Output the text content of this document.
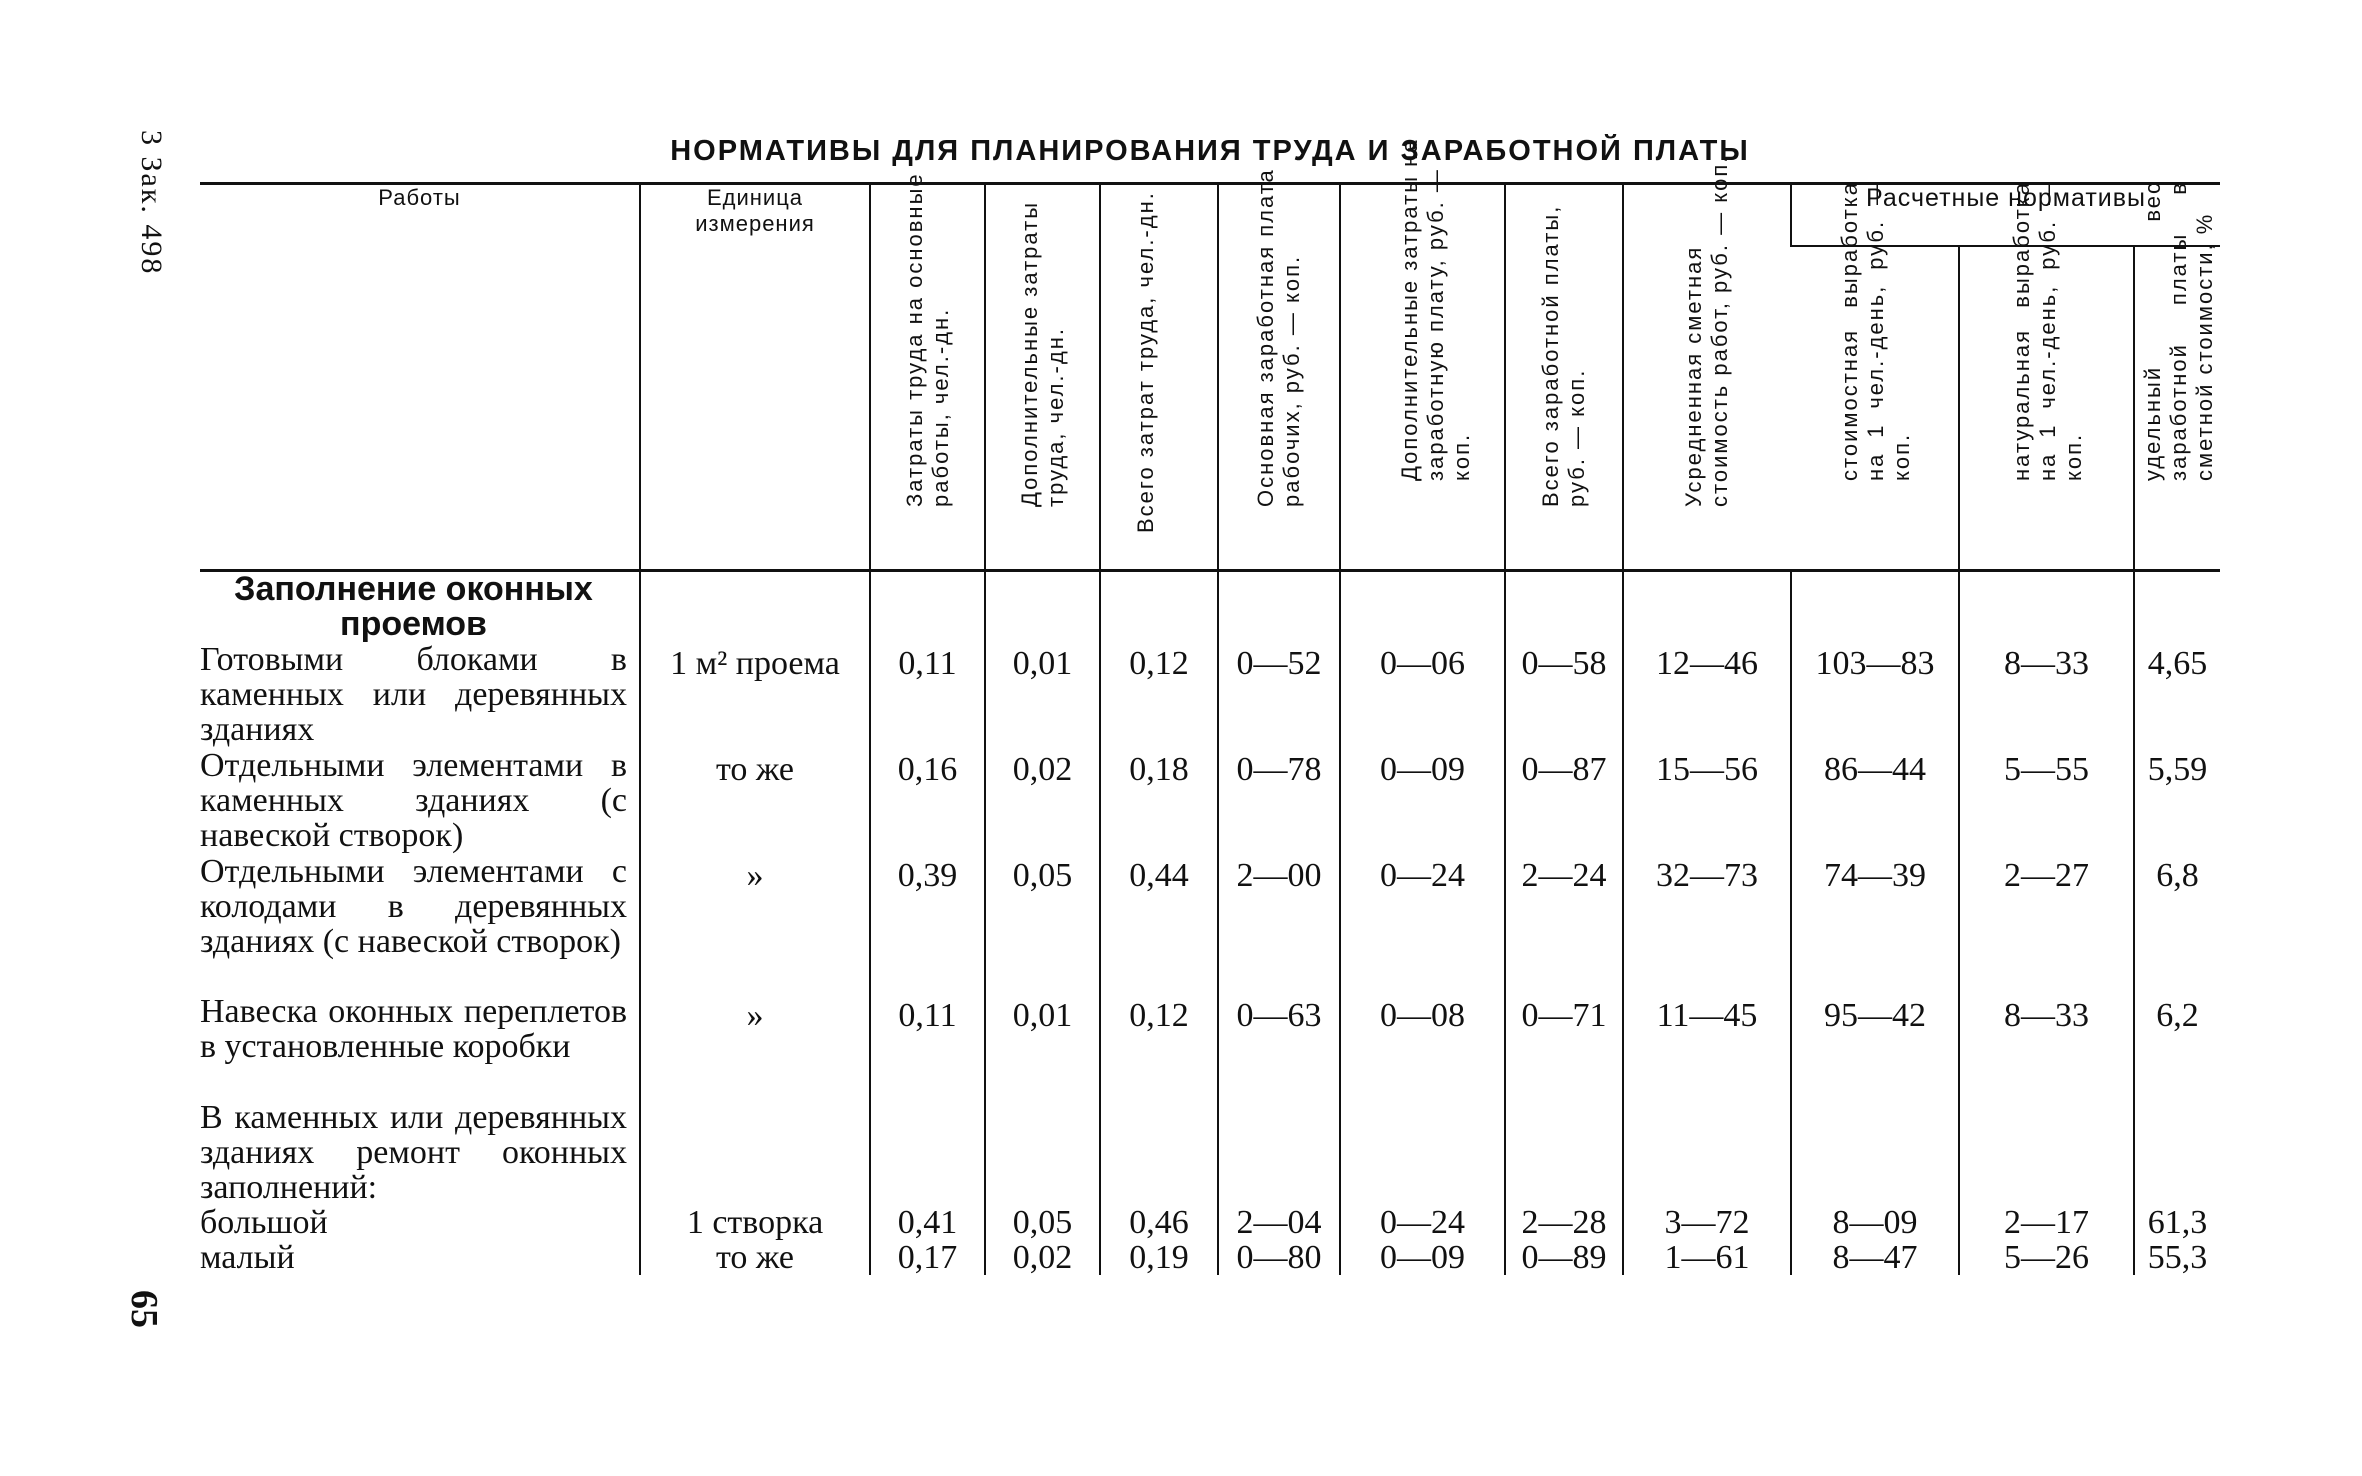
3 Зак. 498
65
НОРМАТИВЫ ДЛЯ ПЛАНИРОВАНИЯ ТРУДА И ЗАРАБОТНОЙ ПЛАТЫ
Работы	Единица измерения	Затраты труда на основные работы, чел.-дн.	Дополнительные затраты труда, чел.-дн.	Всего затрат труда, чел.-дн.	Основная заработная плата рабочих, руб. — коп.	Дополнительные затраты на заработную плату, руб. — коп.	Всего заработной платы, руб. — коп.	Усредненная сметная стоимость работ, руб. — коп.	Расчетные нормативы		

									стоимостная выработка на 1 чел.-день, руб. — коп.	натуральная выработка на 1 чел.-день, руб. — коп.	удельный вес заработной платы в сметной стоимости, %

Заполнение оконных проемов											
Готовыми блоками в каменных или деревянных зданиях	1 м² проема	0,11	0,01	0,12	0—52	0—06	0—58	12—46	103—83	8—33	4,65
Отдельными элементами в каменных зданиях (с навеской створок)	то же	0,16	0,02	0,18	0—78	0—09	0—87	15—56	86—44	5—55	5,59
Отдельными элементами с колодами в деревянных зданиях (с навеской створок)	»	0,39	0,05	0,44	2—00	0—24	2—24	32—73	74—39	2—27	6,8
Навеска оконных переплетов в установленные коробки	»	0,11	0,01	0,12	0—63	0—08	0—71	11—45	95—42	8—33	6,2
В каменных или деревянных зданиях ремонт оконных заполнений:											
большой	1 створка	0,41	0,05	0,46	2—04	0—24	2—28	3—72	8—09	2—17	61,3
малый	то же	0,17	0,02	0,19	0—80	0—09	0—89	1—61	8—47	5—26	55,3
